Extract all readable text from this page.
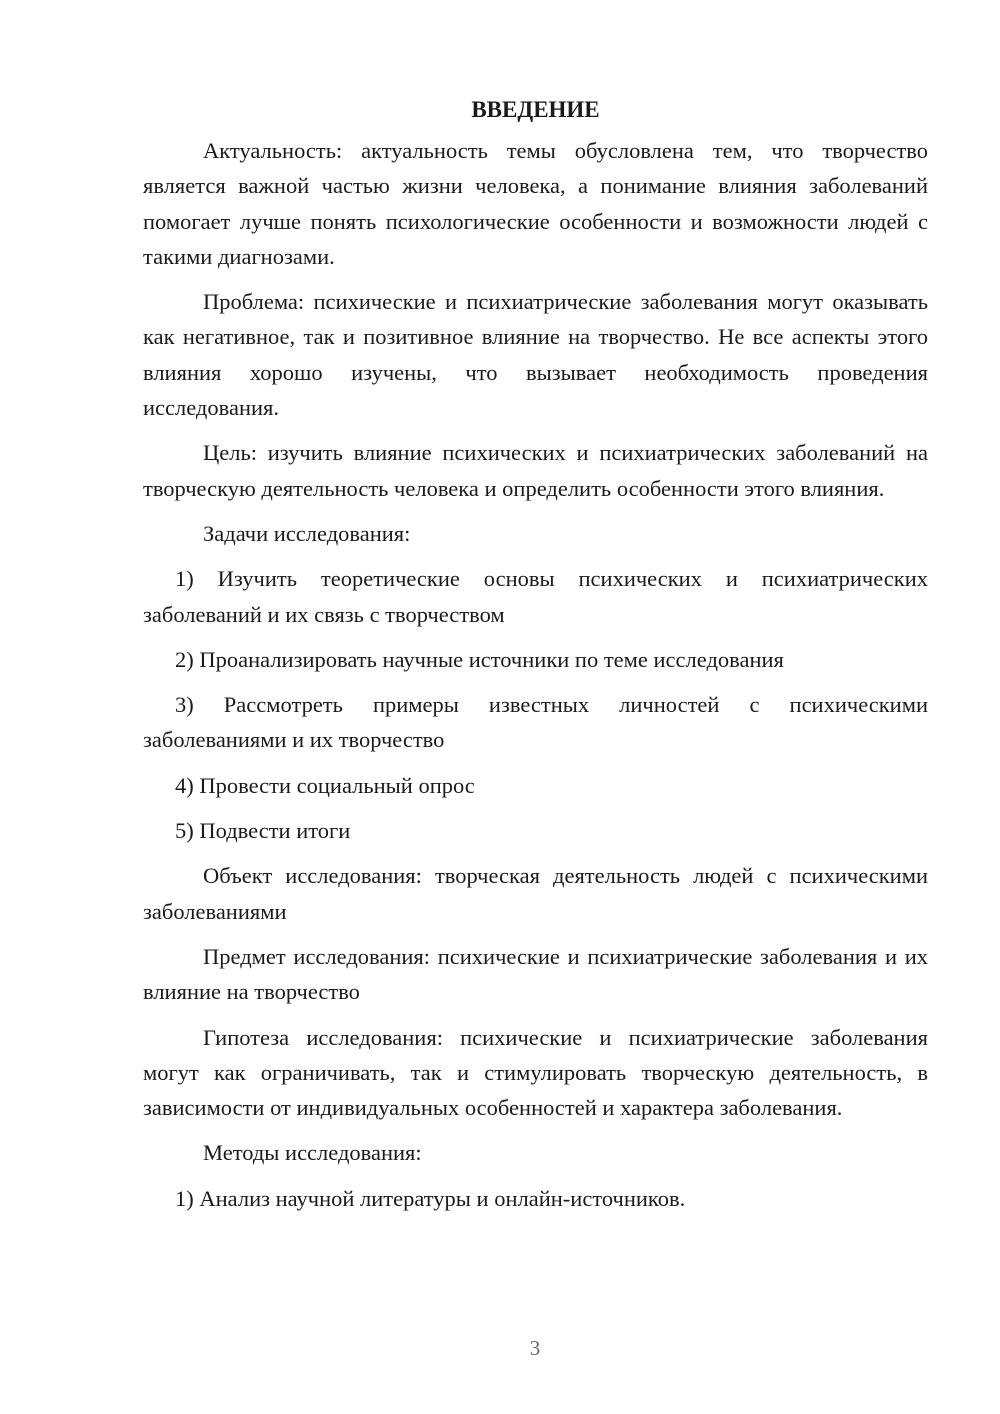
ВВЕДЕНИЕ

Актуальность: актуальность темы обусловлена тем, что творчество является важной частью жизни человека, а понимание влияния заболеваний помогает лучше понять психологические особенности и возможности людей с такими диагнозами.

Проблема: психические и психиатрические заболевания могут оказывать как негативное, так и позитивное влияние на творчество. Не все аспекты этого влияния хорошо изучены, что вызывает необходимость проведения исследования.

Цель: изучить влияние психических и психиатрических заболеваний на творческую деятельность человека и определить особенности этого влияния.

Задачи исследования:

1) Изучить теоретические основы психических и психиатрических заболеваний и их связь с творчеством

2) Проанализировать научные источники по теме исследования

3) Рассмотреть примеры известных личностей с психическими заболеваниями и их творчество

4) Провести социальный опрос

5) Подвести итоги

Объект исследования: творческая деятельность людей с психическими заболеваниями

Предмет исследования: психические и психиатрические заболевания и их влияние на творчество

Гипотеза исследования: психические и психиатрические заболевания могут как ограничивать, так и стимулировать творческую деятельность, в зависимости от индивидуальных особенностей и характера заболевания.

Методы исследования:

1) Анализ научной литературы и онлайн-источников.

3
